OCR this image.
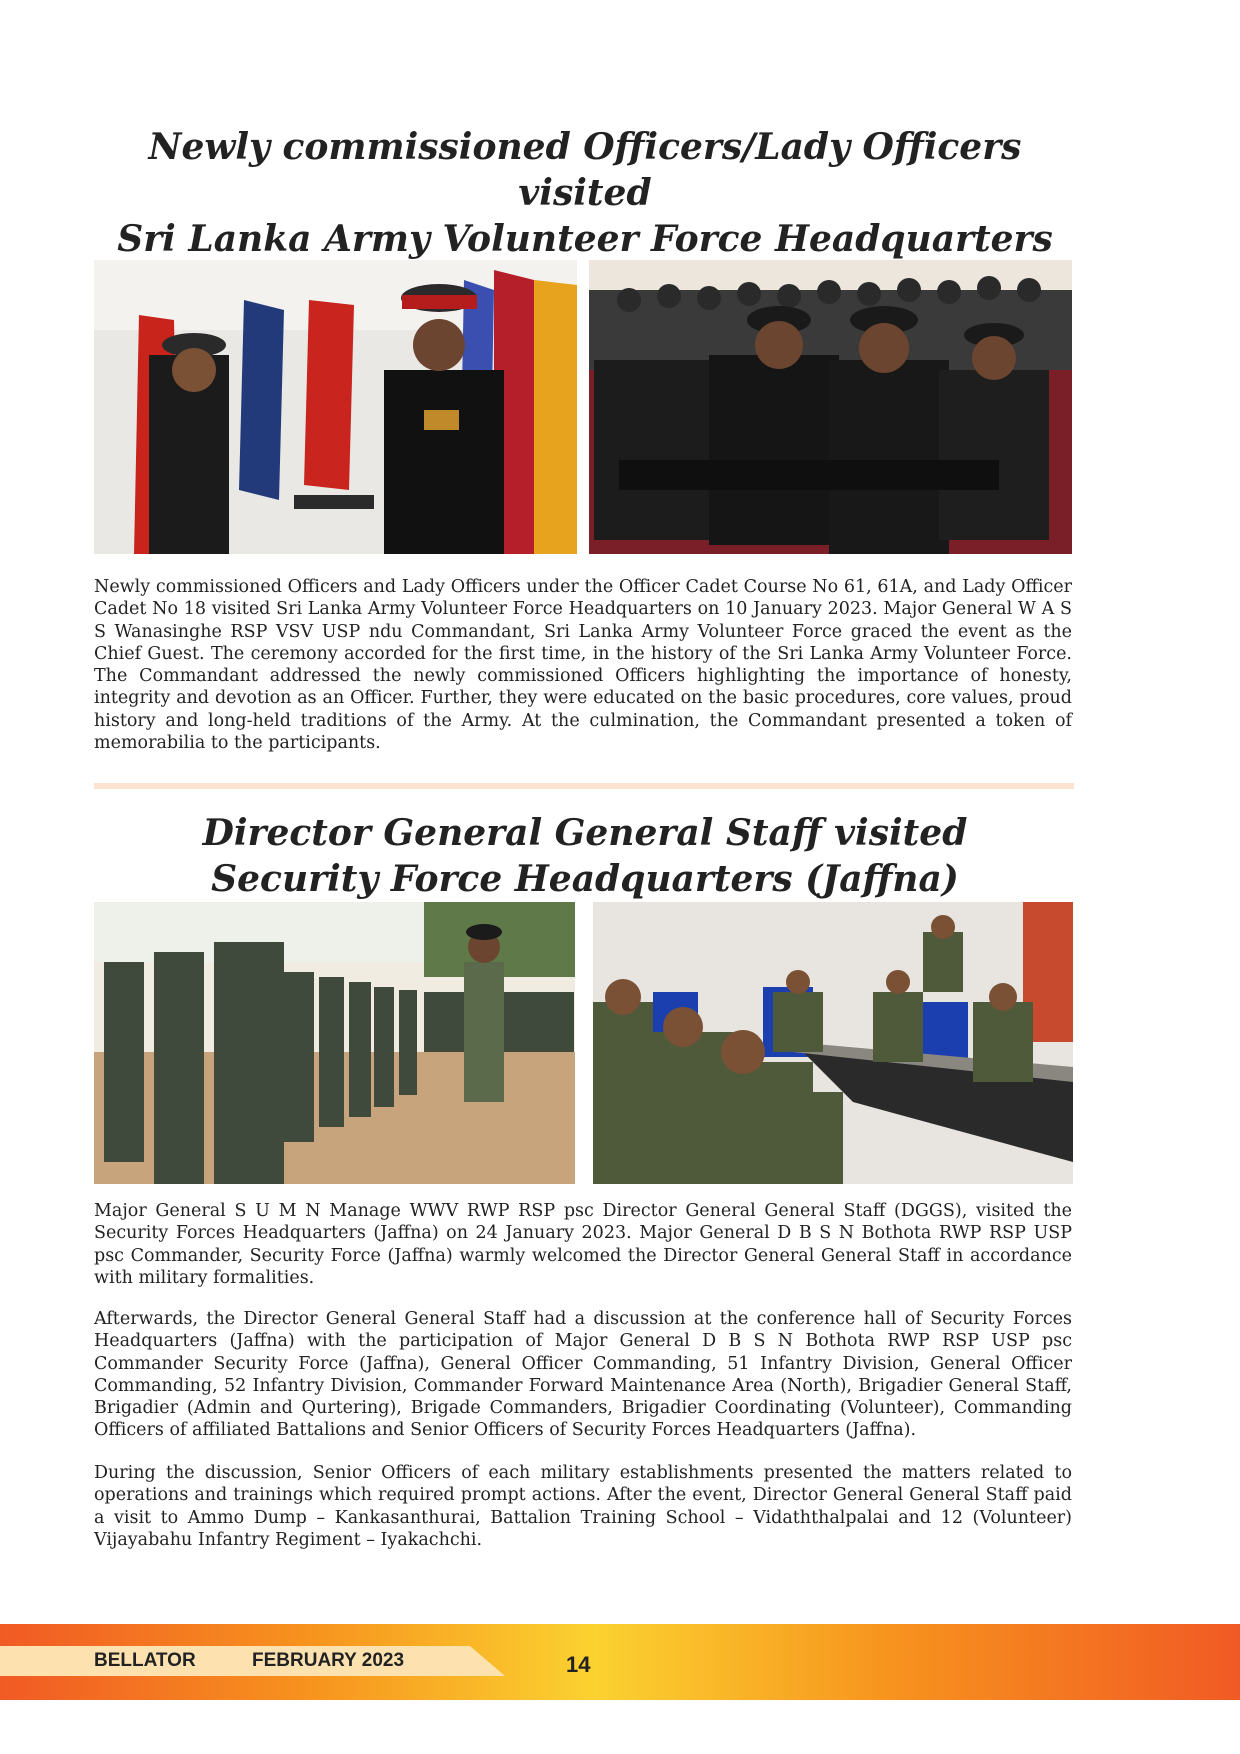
Newly commissioned Officers/Lady Officers visited
Sri Lanka Army Volunteer Force Headquarters

Newly commissioned Officers and Lady Officers under the Officer Cadet Course No 61, 61A, and Lady Officer Cadet No 18 visited Sri Lanka Army Volunteer Force Headquarters on 10 January 2023. Major General W A S S Wanasinghe RSP VSV USP ndu Commandant, Sri Lanka Army Volunteer Force graced the event as the Chief Guest. The ceremony accorded for the first time, in the history of the Sri Lanka Army Volunteer Force. The Commandant addressed the newly commissioned Officers highlighting the importance of honesty, integrity and devotion as an Officer. Further, they were educated on the basic procedures, core values, proud history and long-held traditions of the Army. At the culmination, the Commandant presented a token of memorabilia to the participants.

Director General General Staff visited
Security Force Headquarters (Jaffna)

Major General S U M N Manage WWV RWP RSP psc Director General General Staff (DGGS), visited the Security Forces Headquarters (Jaffna) on 24 January 2023. Major General D B S N Bothota RWP RSP USP psc Commander, Security Force (Jaffna) warmly welcomed the Director General General Staff in accordance with military formalities.

Afterwards, the Director General General Staff had a discussion at the conference hall of Security Forces Headquarters (Jaffna) with the participation of Major General D B S N Bothota RWP RSP USP psc Commander Security Force (Jaffna), General Officer Commanding, 51 Infantry Division, General Officer Commanding, 52 Infantry Division, Commander Forward Maintenance Area (North), Brigadier General Staff, Brigadier (Admin and Qurtering), Brigade Commanders, Brigadier Coordinating (Volunteer), Commanding Officers of affiliated Battalions and Senior Officers of Security Forces Headquarters (Jaffna).

During the discussion, Senior Officers of each military establishments presented the matters related to operations and trainings which required prompt actions. After the event, Director General General Staff paid a visit to Ammo Dump – Kankasanthurai, Battalion Training School – Vidaththalpalai and 12 (Volunteer) Vijayabahu Infantry Regiment – Iyakachchi.

BELLATOR	FEBRUARY 2023	14
